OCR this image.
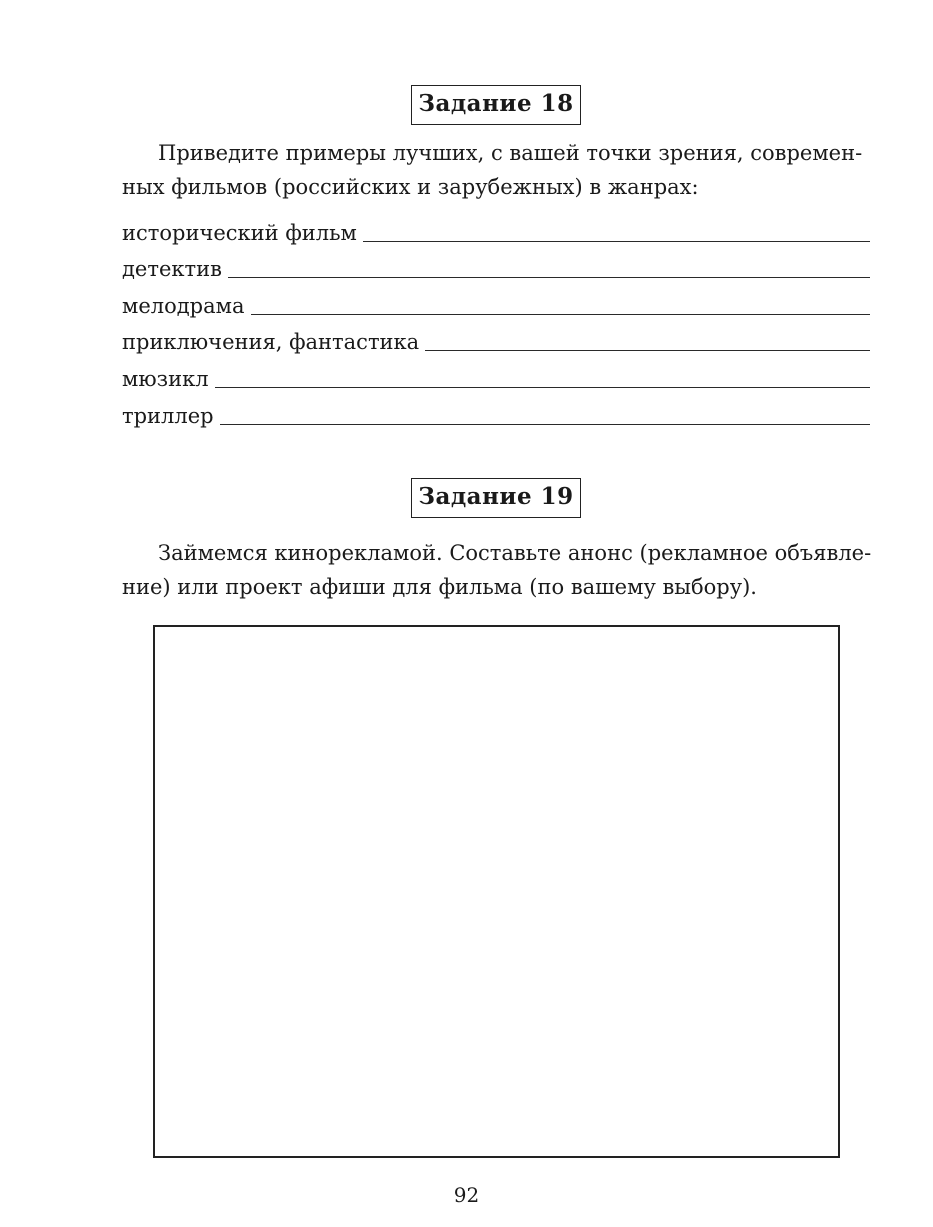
Задание 18
Приведите примеры лучших, с вашей точки зрения, современ-
ных фильмов (российских и зарубежных) в жанрах:
исторический фильм
детектив
мелодрама
приключения, фантастика
мюзикл
триллер
Задание 19
Займемся кинорекламой. Составьте анонс (рекламное объявле-
ние) или проект афиши для фильма (по вашему выбору).
92
